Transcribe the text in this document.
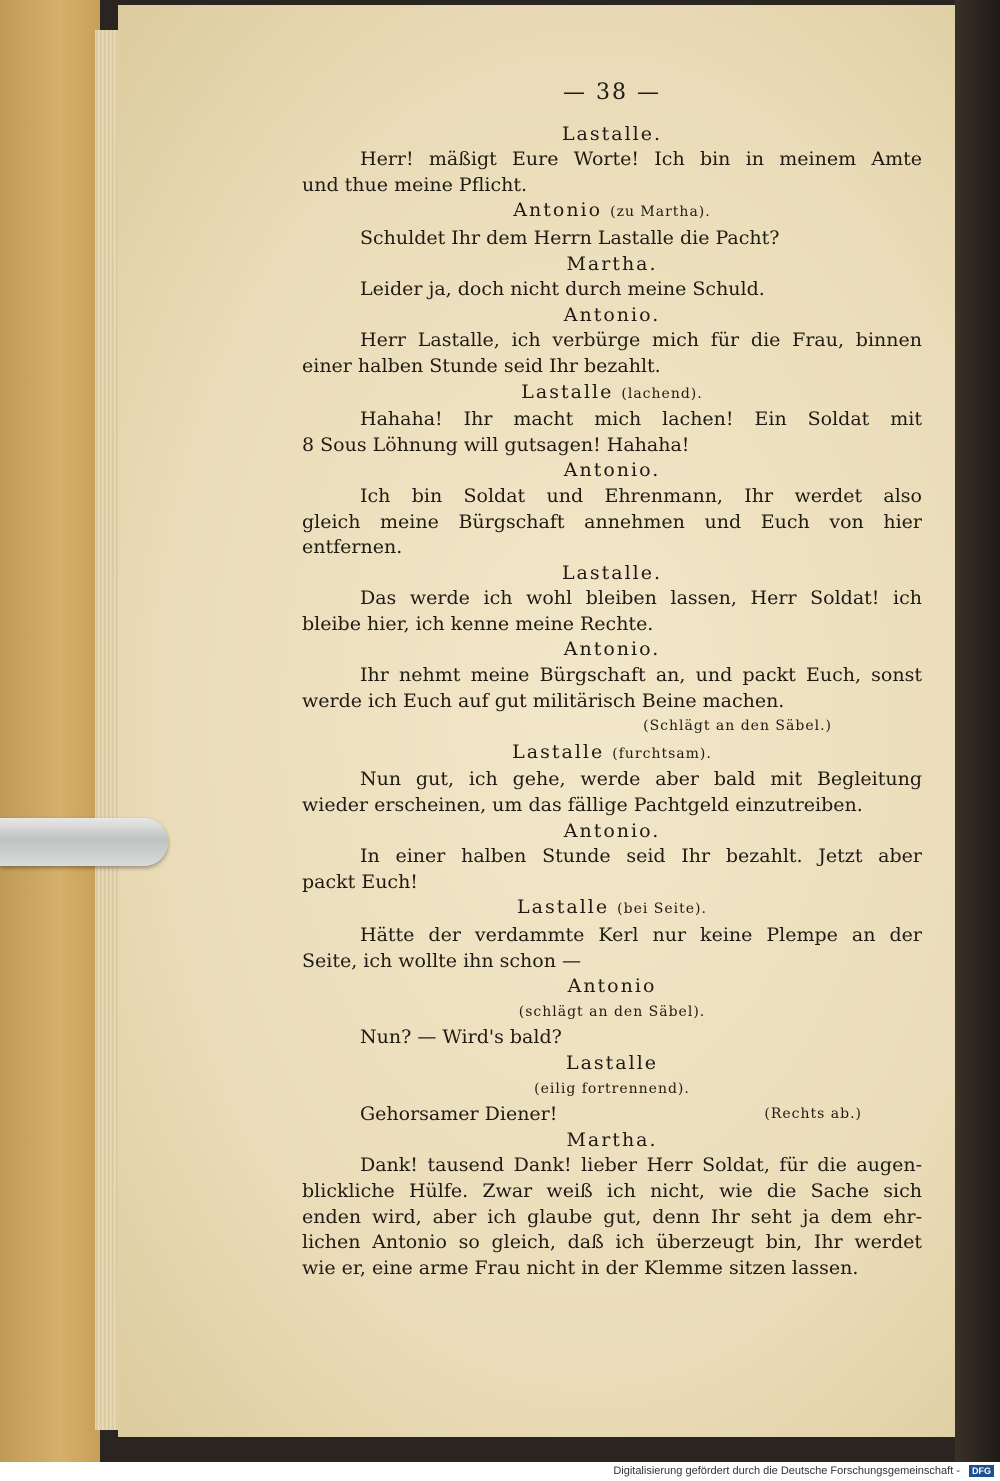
— 38 —
Lastalle.
Herr! mäßigt Eure Worte! Ich bin in meinem Amte
und thue meine Pflicht.
Antonio (zu Martha).
Schuldet Ihr dem Herrn Lastalle die Pacht?
Martha.
Leider ja, doch nicht durch meine Schuld.
Antonio.
Herr Lastalle, ich verbürge mich für die Frau, binnen
einer halben Stunde seid Ihr bezahlt.
Lastalle (lachend).
Hahaha! Ihr macht mich lachen! Ein Soldat mit
8 Sous Löhnung will gutsagen! Hahaha!
Antonio.
Ich bin Soldat und Ehrenmann, Ihr werdet also
gleich meine Bürgschaft annehmen und Euch von hier
entfernen.
Lastalle.
Das werde ich wohl bleiben lassen, Herr Soldat! ich
bleibe hier, ich kenne meine Rechte.
Antonio.
Ihr nehmt meine Bürgschaft an, und packt Euch, sonst
werde ich Euch auf gut militärisch Beine machen.
(Schlägt an den Säbel.)
Lastalle (furchtsam).
Nun gut, ich gehe, werde aber bald mit Begleitung
wieder erscheinen, um das fällige Pachtgeld einzutreiben.
Antonio.
In einer halben Stunde seid Ihr bezahlt. Jetzt aber
packt Euch!
Lastalle (bei Seite).
Hätte der verdammte Kerl nur keine Plempe an der
Seite, ich wollte ihn schon —
Antonio
(schlägt an den Säbel).
Nun? — Wird's bald?
Lastalle
(eilig fortrennend).
Gehorsamer Diener!	(Rechts ab.)
Martha.
Dank! tausend Dank! lieber Herr Soldat, für die augen-
blickliche Hülfe. Zwar weiß ich nicht, wie die Sache sich
enden wird, aber ich glaube gut, denn Ihr seht ja dem ehr-
lichen Antonio so gleich, daß ich überzeugt bin, Ihr werdet
wie er, eine arme Frau nicht in der Klemme sitzen lassen.
Digitalisierung gefördert durch die Deutsche Forschungsgemeinschaft -	DFG
